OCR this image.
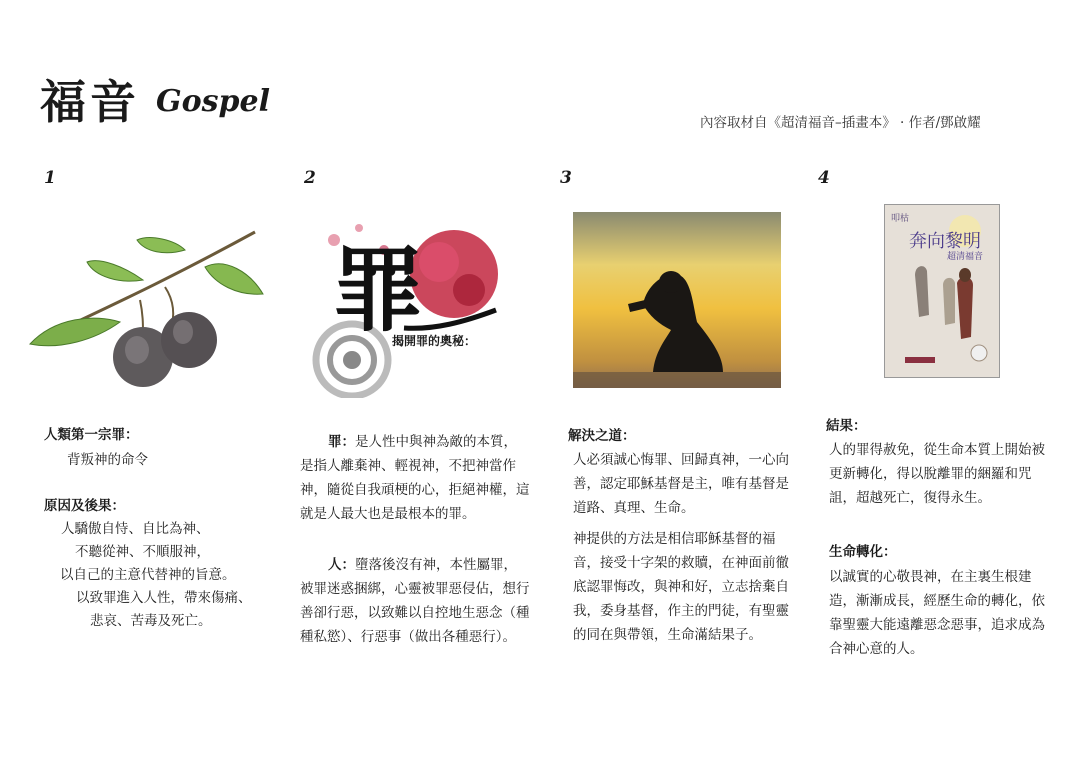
福音 Gospel
內容取材自《超清福音–插畫本》 · 作者/鄧啟耀
1	2	3	4
罪
揭開罪的奧秘：
叩枯
奔向黎明
超清福音
人類第一宗罪：
背叛神的命令
原因及後果：
人驕傲自恃、自比為神、
不聽從神、不順服神，
以自己的主意代替神的旨意。
以致罪進入人性，帶來傷痛、
悲哀、苦毒及死亡。
罪：是人性中與神為敵的本質，是指人離棄神、輕視神，不把神當作神，隨從自我頑梗的心，拒絕神權，這就是人最大也是最根本的罪。
人：墮落後沒有神，本性屬罪，被罪迷惑捆綁，心靈被罪惡侵佔，想行善卻行惡，以致難以自控地生惡念（種種私慾）、行惡事（做出各種惡行）。
解決之道：
人必須誠心悔罪、回歸真神，一心向善，認定耶穌基督是主，唯有基督是道路、真理、生命。
神提供的方法是相信耶穌基督的福音，接受十字架的救贖，在神面前徹底認罪悔改，與神和好，立志捨棄自我，委身基督，作主的門徒，有聖靈的同在與帶領，生命滿結果子。
結果：
人的罪得赦免，從生命本質上開始被更新轉化，得以脫離罪的綑羅和咒詛，超越死亡，復得永生。
生命轉化：
以誠實的心敬畏神，在主裏生根建造，漸漸成長，經歷生命的轉化，依靠聖靈大能遠離惡念惡事，追求成為合神心意的人。
